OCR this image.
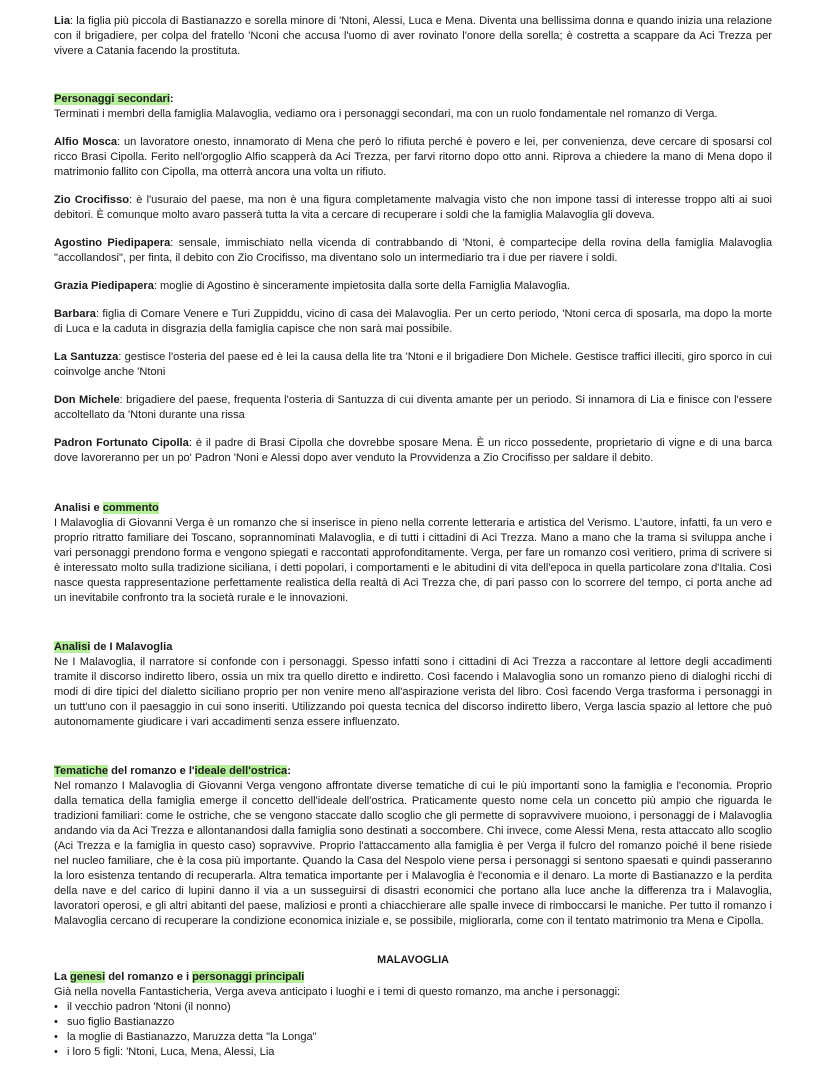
Lia: la figlia più piccola di Bastianazzo e sorella minore di 'Ntoni, Alessi, Luca e Mena. Diventa una bellissima donna e quando inizia una relazione con il brigadiere, per colpa del fratello 'Nconi che accusa l'uomo di aver rovinato l'onore della sorella; è costretta a scappare da Aci Trezza per vivere a Catania facendo la prostituta.
Personaggi secondari:

Terminati i membri della famiglia Malavoglia, vediamo ora i personaggi secondari, ma con un ruolo fondamentale nel romanzo di Verga.

Alfio Mosca: un lavoratore onesto, innamorato di Mena che però lo rifiuta perché è povero e lei, per convenienza, deve cercare di sposarsi col ricco Brasi Cipolla. Ferito nell'orgoglio Alfio scapperà da Aci Trezza, per farvi ritorno dopo otto anni. Riprova a chiedere la mano di Mena dopo il matrimonio fallito con Cipolla, ma otterrà ancora una volta un rifiuto.
Zio Crocifisso: è l'usuraio del paese, ma non è una figura completamente malvagia visto che non impone tassi di interesse troppo alti ai suoi debitori. È comunque molto avaro passerà tutta la vita a cercare di recuperare i soldi che la famiglia Malavoglia gli doveva.
Agostino Piedipapera: sensale, immischiato nella vicenda di contrabbando di 'Ntoni, è compartecipe della rovina della famiglia Malavoglia "accollandosi", per finta, il debito con Zio Crocifisso, ma diventano solo un intermediario tra i due per riavere i soldi.
Grazia Piedipapera: moglie di Agostino è sinceramente impietosita dalla sorte della Famiglia Malavoglia.
Barbara: figlia di Comare Venere e Turi Zuppiddu, vicino di casa dei Malavoglia. Per un certo periodo, 'Ntoni cerca di sposarla, ma dopo la morte di Luca e la caduta in disgrazia della famiglia capisce che non sarà mai possibile.
La Santuzza: gestisce l'osteria del paese ed è lei la causa della lite tra 'Ntoni e il brigadiere Don Michele. Gestisce traffici illeciti, giro sporco in cui coinvolge anche 'Ntoni
Don Michele: brigadiere del paese, frequenta l'osteria di Santuzza di cui diventa amante per un periodo. Si innamora di Lia e finisce con l'essere accoltellato da 'Ntoni durante una rissa
Padron Fortunato Cipolla: è il padre di Brasi Cipolla che dovrebbe sposare Mena. È un ricco possedente, proprietario di vigne e di una barca dove lavoreranno per un po' Padron 'Noni e Alessi dopo aver venduto la Provvidenza a Zio Crocifisso per saldare il debito.
Analisi e commento

I Malavoglia di Giovanni Verga è un romanzo che si inserisce in pieno nella corrente letteraria e artistica del Verismo. L'autore, infatti, fa un vero e proprio ritratto familiare dei Toscano, soprannominati Malavoglia, e di tutti i cittadini di Aci Trezza. Mano a mano che la trama si sviluppa anche i vari personaggi prendono forma e vengono spiegati e raccontati approfonditamente. Verga, per fare un romanzo così veritiero, prima di scrivere si è interessato molto sulla tradizione siciliana, i detti popolari, i comportamenti e le abitudini di vita dell'epoca in quella particolare zona d'Italia. Così nasce questa rappresentazione perfettamente realistica della realtà di Aci Trezza che, di pari passo con lo scorrere del tempo, ci porta anche ad un inevitabile confronto tra la società rurale e le innovazioni.

Analisi de I Malavoglia

Ne I Malavoglia, il narratore si confonde con i personaggi. Spesso infatti sono i cittadini di Aci Trezza a raccontare al lettore degli accadimenti tramite il discorso indiretto libero, ossia un mix tra quello diretto e indiretto. Così facendo i Malavoglia sono un romanzo pieno di dialoghi ricchi di modi di dire tipici del dialetto siciliano proprio per non venire meno all'aspirazione verista del libro. Così facendo Verga trasforma i personaggi in un tutt'uno con il paesaggio in cui sono inseriti. Utilizzando poi questa tecnica del discorso indiretto libero, Verga lascia spazio al lettore che può autonomamente giudicare i vari accadimenti senza essere influenzato.

Tematiche del romanzo e l'ideale dell'ostrica:

Nel romanzo I Malavoglia di Giovanni Verga vengono affrontate diverse tematiche di cui le più importanti sono la famiglia e l'economia. Proprio dalla tematica della famiglia emerge il concetto dell'ideale dell'ostrica. Praticamente questo nome cela un concetto più ampio che riguarda le tradizioni familiari: come le ostriche, che se vengono staccate dallo scoglio che gli permette di sopravvivere muoiono, i personaggi de i Malavoglia andando via da Aci Trezza e allontanandosi dalla famiglia sono destinati a soccombere. Chi invece, come Alessi Mena, resta attaccato allo scoglio (Aci Trezza e la famiglia in questo caso) sopravvive. Proprio l'attaccamento alla famiglia è per Verga il fulcro del romanzo poiché il bene risiede nel nucleo familiare, che è la cosa più importante. Quando la Casa del Nespolo viene persa i personaggi si sentono spaesati e quindi passeranno la loro esistenza tentando di recuperarla. Altra tematica importante per i Malavoglia è l'economia e il denaro. La morte di Bastianazzo e la perdita della nave e del carico di lupini danno il via a un susseguirsi di disastri economici che portano alla luce anche la differenza tra i Malavoglia, lavoratori operosi, e gli altri abitanti del paese, maliziosi e pronti a chiacchierare alle spalle invece di rimboccarsi le maniche. Per tutto il romanzo i Malavoglia cercano di recuperare la condizione economica iniziale e, se possibile, migliorarla, come con il tentato matrimonio tra Mena e Cipolla.

MALAVOGLIA
La genesi del romanzo e i personaggi principali

Già nella novella Fantasticheria, Verga aveva anticipato i luoghi e i temi di questo romanzo, ma anche i personaggi:

• il vecchio padron 'Ntoni (il nonno)
• suo figlio Bastianazzo
• la moglie di Bastianazzo, Maruzza detta "la Longa"
• i loro 5 figli: 'Ntoni, Luca, Mena, Alessi, Lia
